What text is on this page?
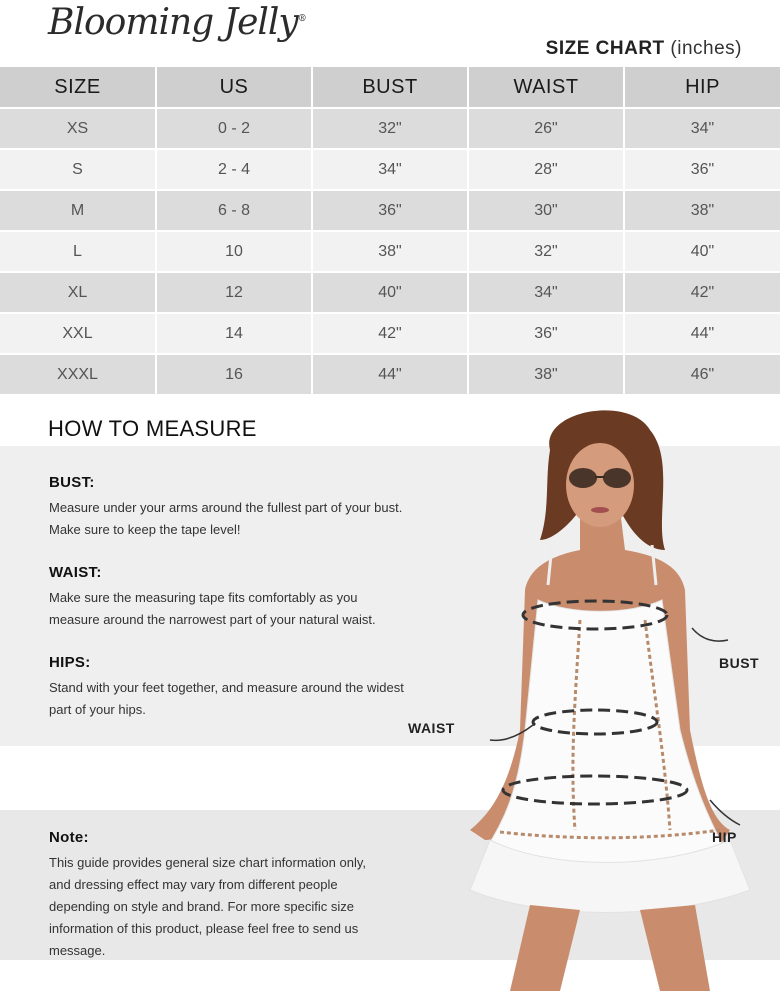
Blooming Jelly®
SIZE CHART (inches)
SIZE	US	BUST	WAIST	HIP
XS	0 - 2	32"	26"	34"
S	2 - 4	34"	28"	36"
M	6 - 8	36"	30"	38"
L	10	38"	32"	40"
XL	12	40"	34"	42"
XXL	14	42"	36"	44"
XXXL	16	44"	38"	46"
HOW TO MEASURE
BUST:

Measure under your arms around the fullest part of your bust.

Make sure to keep the tape level!

WAIST:

Make sure the measuring tape fits comfortably as you

measure around the narrowest part of your natural waist.

HIPS:

Stand with your feet together, and measure around the widest

part of your hips.

Note:

This guide provides general size chart information only,

and dressing effect may vary from different people

depending on style and brand. For more specific size

information of this product, please feel free to send us

message.

BUST
WAIST
HIP
